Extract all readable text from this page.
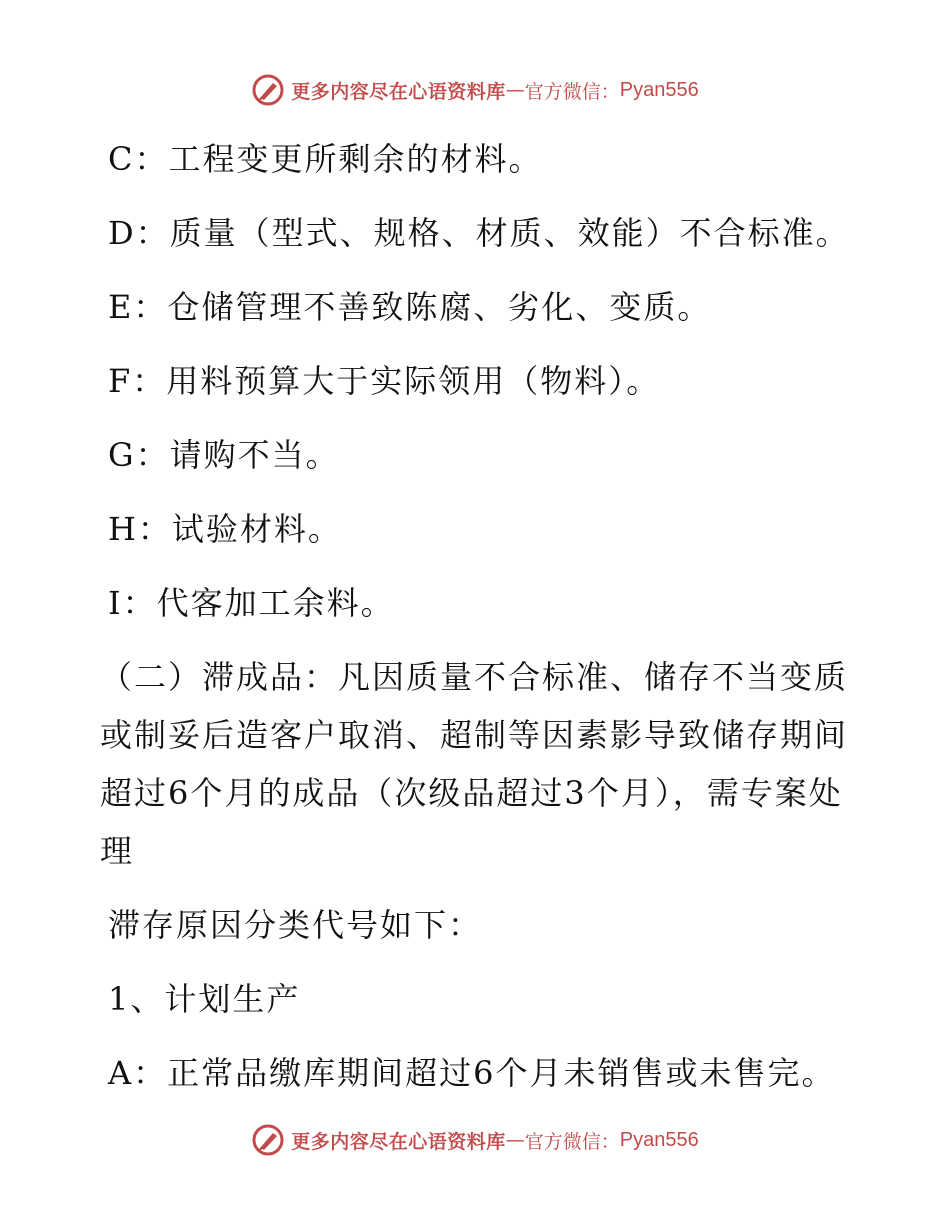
更多内容尽在心语资料库 — 官方微信： Pyan556
C：工程变更所剩余的材料。
D：质量（型式、规格、材质、效能）不合标准。
E：仓储管理不善致陈腐、劣化、变质。
F：用料预算大于实际领用（物料）。
G：请购不当。
H：试验材料。
I：代客加工余料。
（二）滞成品：凡因质量不合标准、储存不当变质或制妥后造客户取消、超制等因素影导致储存期间超过6个月的成品（次级品超过3个月），需专案处理
滞存原因分类代号如下：
1、计划生产
A：正常品缴库期间超过6个月未销售或未售完。
更多内容尽在心语资料库 — 官方微信： Pyan556
